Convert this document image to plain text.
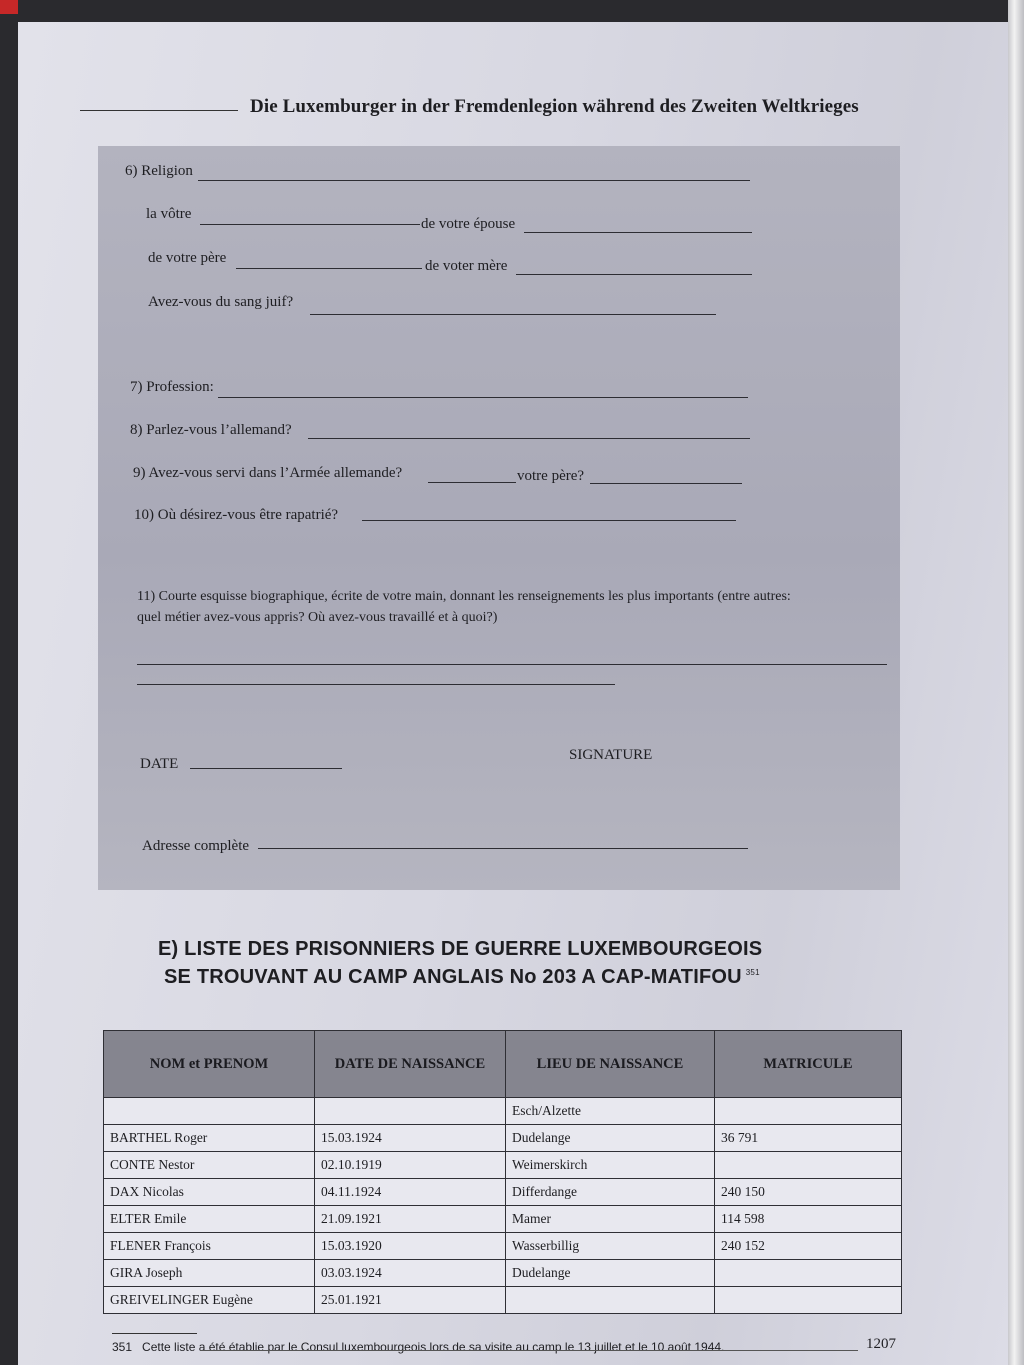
Die Luxemburger in der Fremdenlegion während des Zweiten Weltkrieges
6) Religion
la vôtre
de votre épouse
de votre père	de voter mère
Avez-vous du sang juif?
7) Profession:
8) Parlez-vous l’allemand?
9) Avez-vous servi dans l’Armée allemande?	votre père?
10) Où désirez-vous être rapatrié?
11) Courte esquisse biographique, écrite de votre main, donnant les renseignements les plus importants (entre autres:
quel métier avez-vous appris? Où avez-vous travaillé et à quoi?)
DATE
SIGNATURE
Adresse complète
E) LISTE DES PRISONNIERS DE GUERRE LUXEMBOURGEOIS
SE TROUVANT AU CAMP ANGLAIS No 203 A CAP-MATIFOU $^{351}$
NOM et PRENOM	DATE DE NAISSANCE	LIEU DE NAISSANCE	MATRICULE
		Esch/Alzette	
BARTHEL Roger	15.03.1924	Dudelange	36 791
CONTE Nestor	02.10.1919	Weimerskirch	
DAX Nicolas	04.11.1924	Differdange	240 150
ELTER Emile	21.09.1921	Mamer	114 598
FLENER François	15.03.1920	Wasserbillig	240 152
GIRA Joseph	03.03.1924	Dudelange	
GREIVELINGER Eugène	25.01.1921		
351 Cette liste a été établie par le Consul luxembourgeois lors de sa visite au camp le 13 juillet et le 10 août 1944.	1207
